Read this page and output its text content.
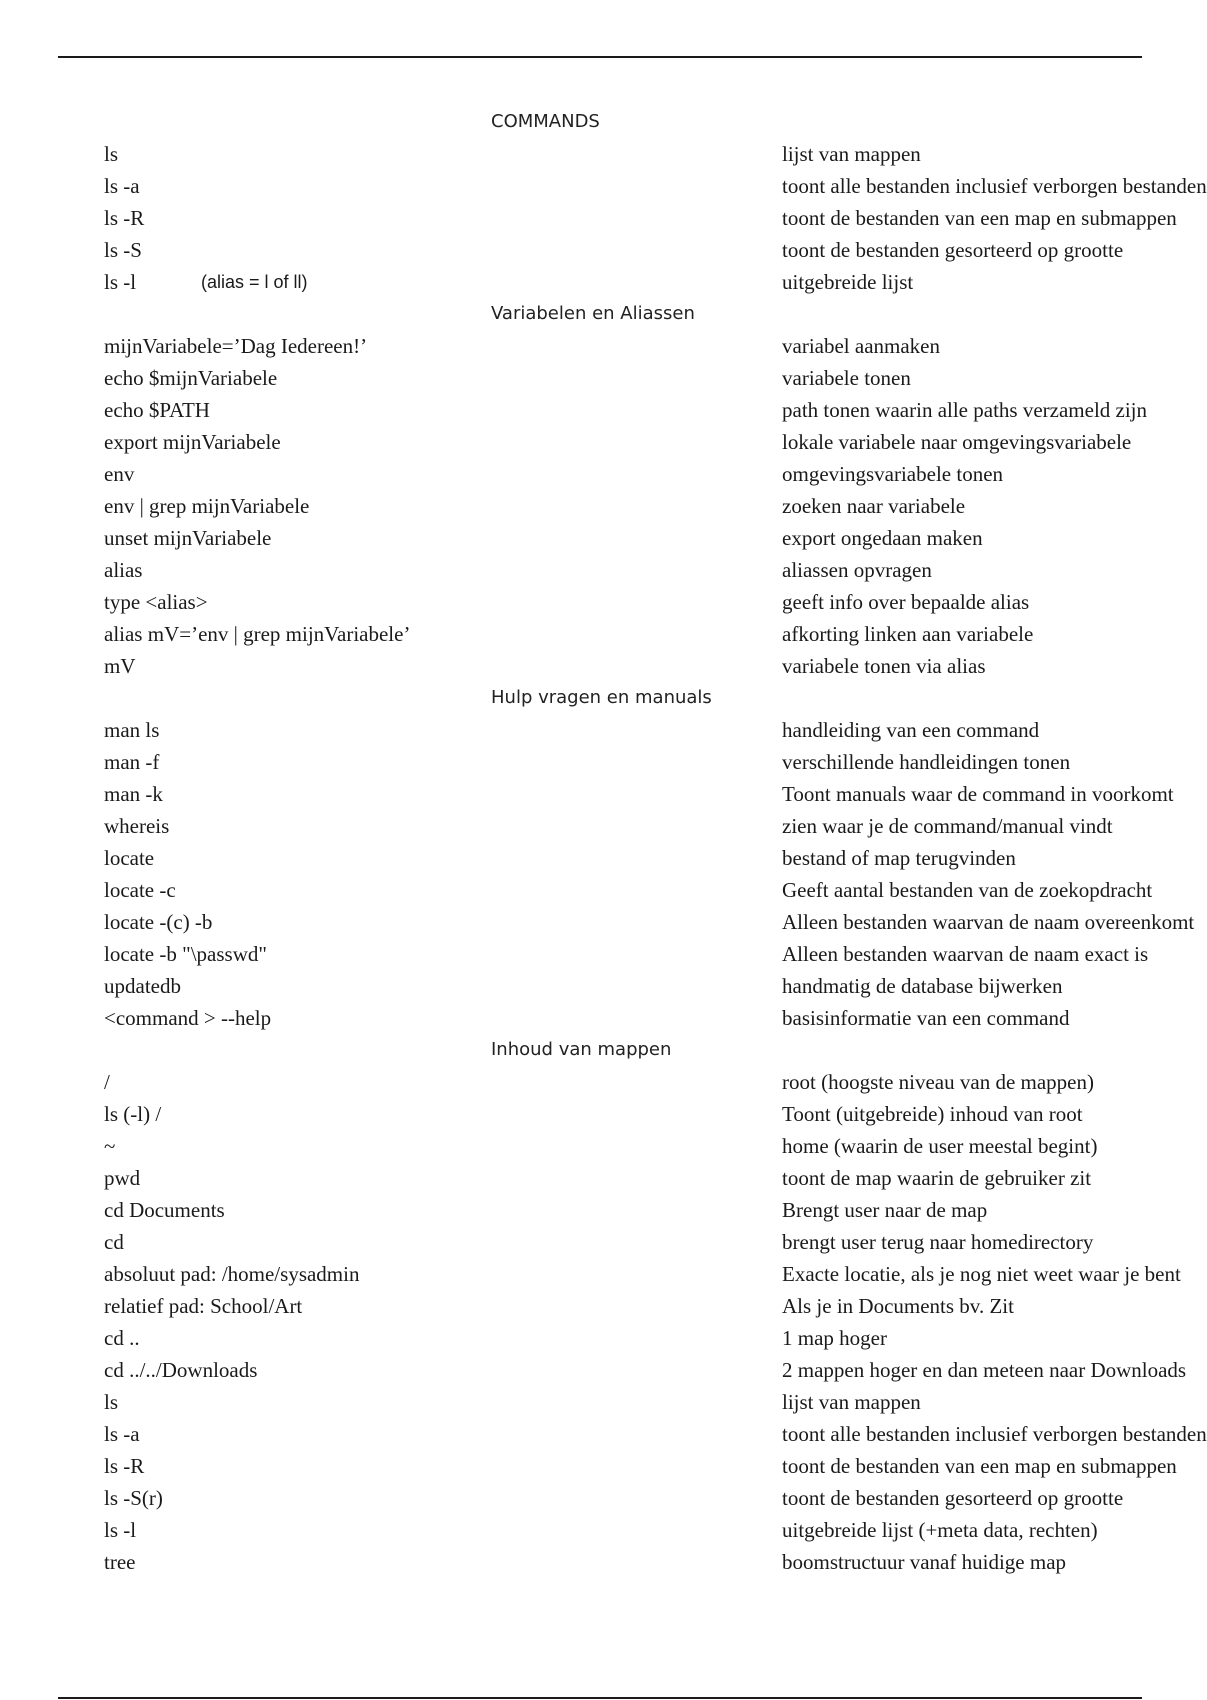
COMMANDS
ls	lijst van mappen
ls -a	toont alle bestanden inclusief verborgen bestanden
ls -R	toont de bestanden van een map en submappen
ls -S	toont de bestanden gesorteerd op grootte
ls -l	(alias = l of ll)	uitgebreide lijst
Variabelen en Aliassen
mijnVariabele=’Dag Iedereen!’	variabel aanmaken
echo $mijnVariabele	variabele tonen
echo $PATH	path tonen waarin alle paths verzameld zijn
export mijnVariabele	lokale variabele naar omgevingsvariabele
env	omgevingsvariabele tonen
env | grep mijnVariabele	zoeken naar variabele
unset mijnVariabele	export ongedaan maken
alias	aliassen opvragen
type <alias>	geeft info over bepaalde alias
alias mV=’env | grep mijnVariabele’	afkorting linken aan variabele
mV	variabele tonen via alias
Hulp vragen en manuals
man ls	handleiding van een command
man -f	verschillende handleidingen tonen
man -k	Toont manuals waar de command in voorkomt
whereis	zien waar je de command/manual vindt
locate	bestand of map terugvinden
locate -c	Geeft aantal bestanden van de zoekopdracht
locate -(c) -b	Alleen bestanden waarvan de naam overeenkomt
locate -b "\passwd"	Alleen bestanden waarvan de naam exact is
updatedb	handmatig de database bijwerken
<command > --help	basisinformatie van een command
Inhoud van mappen
/	root (hoogste niveau van de mappen)
ls (-l) /	Toont (uitgebreide) inhoud van root
~	home (waarin de user meestal begint)
pwd	toont de map waarin de gebruiker zit
cd Documents	Brengt user naar de map
cd	brengt user terug naar homedirectory
absoluut pad: /home/sysadmin	Exacte locatie, als je nog niet weet waar je bent
relatief pad: School/Art	Als je in Documents bv. Zit
cd ..	1 map hoger
cd ../../Downloads	2 mappen hoger en dan meteen naar Downloads
ls	lijst van mappen
ls -a	toont alle bestanden inclusief verborgen bestanden
ls -R	toont de bestanden van een map en submappen
ls -S(r)	toont de bestanden gesorteerd op grootte
ls -l	uitgebreide lijst (+meta data, rechten)
tree	boomstructuur vanaf huidige map
